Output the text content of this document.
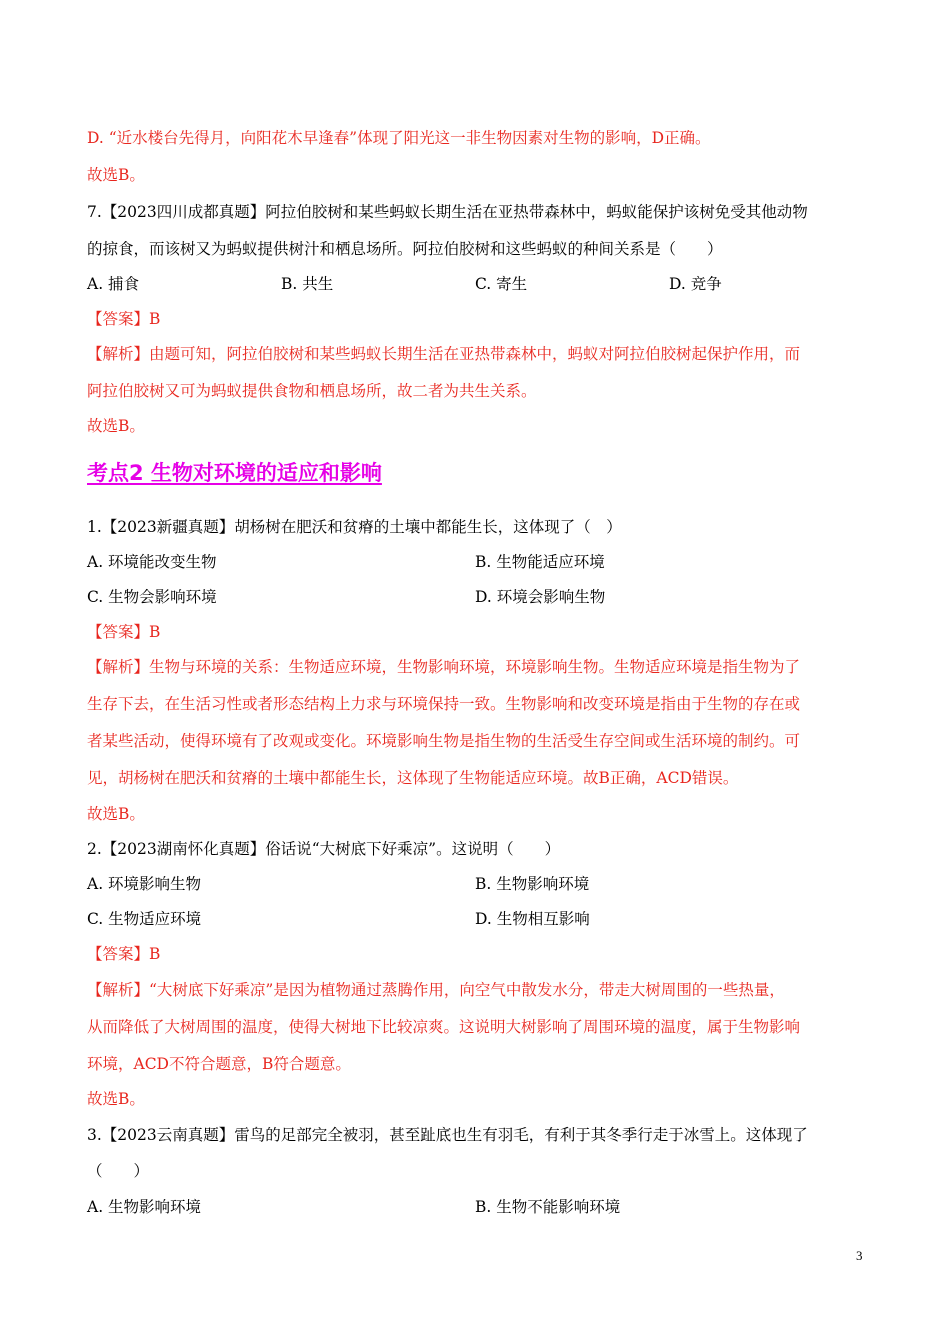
D. “近水楼台先得月，向阳花木早逢春”体现了阳光这一非生物因素对生物的影响，D正确。
故选B。
7.【2023四川成都真题】阿拉伯胶树和某些蚂蚁长期生活在亚热带森林中，蚂蚁能保护该树免受其他动物
的掠食，而该树又为蚂蚁提供树汁和栖息场所。阿拉伯胶树和这些蚂蚁的种间关系是（　　）
A. 捕食	B. 共生	C. 寄生	D. 竞争
【答案】B
【解析】由题可知，阿拉伯胶树和某些蚂蚁长期生活在亚热带森林中，蚂蚁对阿拉伯胶树起保护作用，而
阿拉伯胶树又可为蚂蚁提供食物和栖息场所，故二者为共生关系。
故选B。
考点2 生物对环境的适应和影响
1.【2023新疆真题】胡杨树在肥沃和贫瘠的土壤中都能生长，这体现了（　）
A. 环境能改变生物	B. 生物能适应环境
C. 生物会影响环境	D. 环境会影响生物
【答案】B
【解析】生物与环境的关系：生物适应环境，生物影响环境，环境影响生物。生物适应环境是指生物为了
生存下去，在生活习性或者形态结构上力求与环境保持一致。生物影响和改变环境是指由于生物的存在或
者某些活动，使得环境有了改观或变化。环境影响生物是指生物的生活受生存空间或生活环境的制约。可
见，胡杨树在肥沃和贫瘠的土壤中都能生长，这体现了生物能适应环境。故B正确，ACD错误。
故选B。
2.【2023湖南怀化真题】俗话说“大树底下好乘凉”。这说明（　　）
A. 环境影响生物	B. 生物影响环境
C. 生物适应环境	D. 生物相互影响
【答案】B
【解析】“大树底下好乘凉”是因为植物通过蒸腾作用，向空气中散发水分，带走大树周围的一些热量，
从而降低了大树周围的温度，使得大树地下比较凉爽。这说明大树影响了周围环境的温度，属于生物影响
环境，ACD不符合题意，B符合题意。
故选B。
3.【2023云南真题】雷鸟的足部完全被羽，甚至趾底也生有羽毛，有利于其冬季行走于冰雪上。这体现了
（　　）
A. 生物影响环境	B. 生物不能影响环境
3
